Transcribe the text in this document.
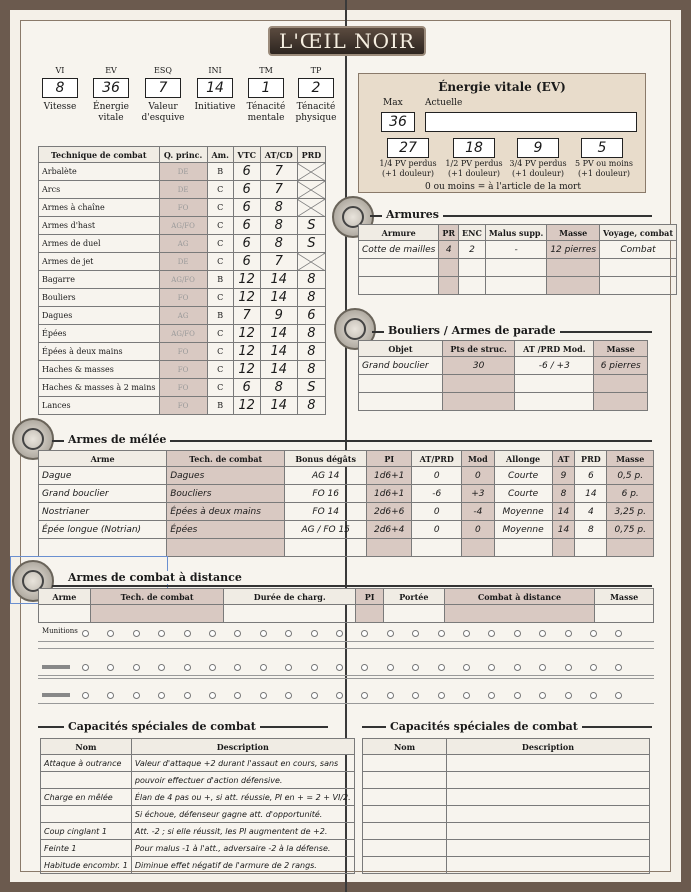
L'ŒIL NOIR
VI
8
Vitesse
EV
36
Énergie vitale
ESQ
7
Valeur d'esquive
INI
14
Initiative
TM
1
Ténacité mentale
TP
2
Ténacité physique
Énergie vitale (EV)
Max Actuelle
36
27	18	9	5
1/4 PV perdus
(+1 douleur)
1/2 PV perdus
(+1 douleur)
3/4 PV perdus
(+1 douleur)
5 PV ou moins
(+1 douleur)
0 ou moins = à l'article de la mort
Technique de combat	Q. princ.	Am.	VTC	AT/CD	PRD
Arbalète	DE	B	6	7	
Arcs	DE	C	6	7	
Armes à chaîne	FO	C	6	8	
Armes d'hast	AG/FO	C	6	8	S
Armes de duel	AG	C	6	8	S
Armes de jet	DE	C	6	7	
Bagarre	AG/FO	B	12	14	8
Bouliers	FO	C	12	14	8
Dagues	AG	B	7	9	6
Épées	AG/FO	C	12	14	8
Épées à deux mains	FO	C	12	14	8
Haches & masses	FO	C	12	14	8
Haches & masses à 2 mains	FO	C	6	8	S
Lances	FO	B	12	14	8
Armures
Armure	PR	ENC	Malus supp.	Masse	Voyage, combat
Cotte de mailles	4	2	-	12 pierres	Combat

Bouliers / Armes de parade
Objet	Pts de struc.	AT /PRD Mod.	Masse
Grand bouclier	30	-6 / +3	6 pierres

Armes de mélée
Arme	Tech. de combat	Bonus dégâts	PI	AT/PRD	Mod	Allonge	AT	PRD	Masse
Dague	Dagues	AG 14	1d6+1	0	0	Courte	9	6	0,5 p.
Grand bouclier	Boucliers	FO 16	1d6+1	-6	+3	Courte	8	14	6 p.
Nostrianer	Épées à deux mains	FO 14	2d6+6	0	-4	Moyenne	14	4	3,25 p.
Épée longue (Notrian)	Épées	AG / FO 15	2d6+4	0	0	Moyenne	14	8	0,75 p.

Armes de combat à distance
Arme	Tech. de combat	Durée de charg.	PI	Portée	Combat à distance	Masse

Munitions
Capacités spéciales de combat
Nom	Description
Attaque à outrance	Valeur d'attaque +2 durant l'assaut en cours, sans
	pouvoir effectuer d'action défensive.
Charge en mêlée	Élan de 4 pas ou +, si att. réussie, PI en + = 2 + VI/2.
	Si échoue, défenseur gagne att. d'opportunité.
Coup cinglant 1	Att. -2 ; si elle réussit, les PI augmentent de +2.
Feinte 1	Pour malus -1 à l'att., adversaire -2 à la défense.
Habitude encombr. 1	Diminue effet négatif de l'armure de 2 rangs.
Capacités spéciales de combat
Nom	Description
